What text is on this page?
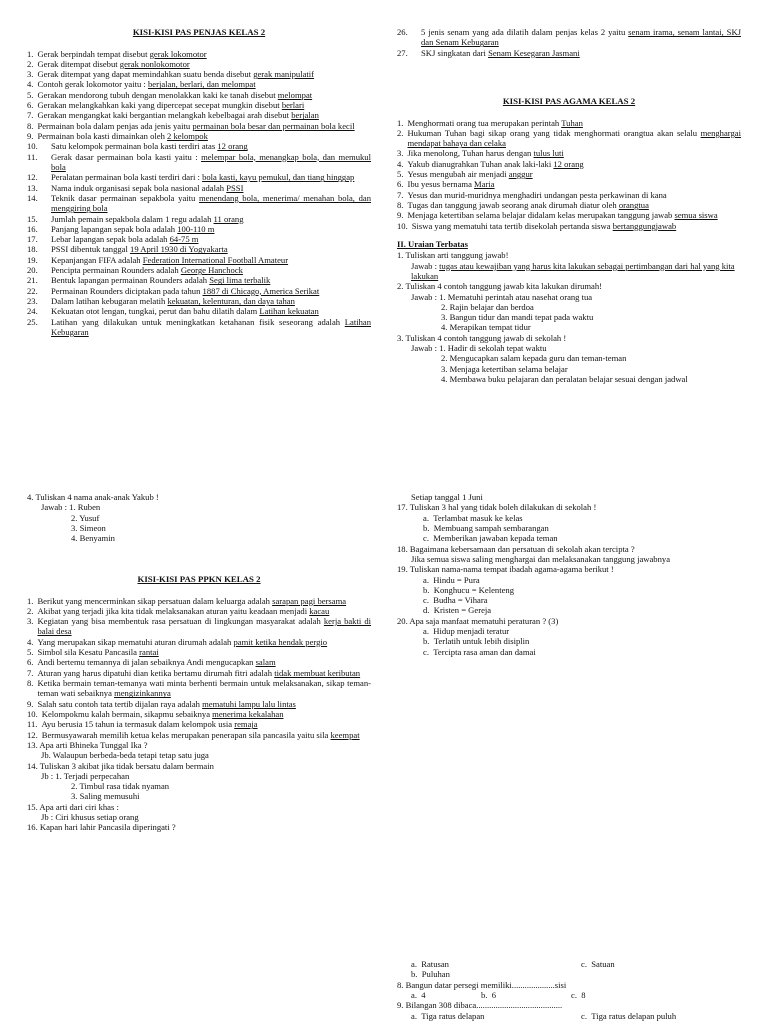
KISI-KISI PAS PENJAS KELAS 2
1. Gerak berpindah tempat disebut gerak lokomotor
2. Gerak ditempat disebut gerak nonlokomotor
3. Gerak ditempat yang dapat memindahkan suatu benda disebut gerak manipulatif
4. Contoh gerak lokomotor yaitu : berjalan, berlari, dan melompat
5. Gerakan mendorong tubuh dengan menolakkan kaki ke tanah disebut melompat
6. Gerakan melangkahkan kaki yang dipercepat secepat mungkin disebut berlari
7. Gerakan mengangkat kaki bergantian melangkah kebelbagai arah disebut berjalan
8. Permainan bola dalam penjas ada jenis yaitu permainan bola besar dan permainan bola kecil
9. Permainan bola kasti dimainkan oleh 2 kelompok
10.	Satu kelompok permainan bola kasti terdiri atas 12 orang
11.	Gerak dasar permainan bola kasti yaitu : melempar bola, menangkap bola, dan memukul bola
12.	Peralatan permainan bola kasti terdiri dari : bola kasti, kayu pemukul, dan tiang hinggap
13.	Nama induk organisasi sepak bola nasional adalah PSSI
14.	Teknik dasar permainan sepakbola yaitu menendang bola, menerima/ menahan bola, dan menggiring bola
15.	Jumlah pemain sepakbola dalam 1 regu adalah 11 orang
16.	Panjang lapangan sepak bola adalah 100-110 m
17.	Lebar lapangan sepak bola adalah 64-75 m
18.	PSSI dibentuk tanggal 19 April 1930 di Yogyakarta
19.	Kepanjangan FIFA adalah Federation International Football Amateur
20.	Pencipta permainan Rounders adalah George Hanchock
21.	Bentuk lapangan permainan Rounders adalah Segi lima terbalik
22.	Permainan Rounders diciptakan pada tahun 1887 di Chicago, America Serikat
23.	Dalam latihan kebugaran melatih kekuatan, kelenturan, dan daya tahan
24.	Kekuatan otot lengan, tungkai, perut dan bahu dilatih dalam Latihan kekuatan
25.	Latihan yang dilakukan untuk meningkatkan ketahanan fisik seseorang adalah Latihan Kebugaran
26.	5 jenis senam yang ada dilatih dalam penjas kelas 2 yaitu senam irama, senam lantai, SKJ dan Senam Kebugaran
27.	SKJ singkatan dari Senam Kesegaran Jasmani
KISI-KISI PAS AGAMA KELAS 2
1. Menghormati orang tua merupakan perintah Tuhan
2. Hukuman Tuhan bagi sikap orang yang tidak menghormati orangtua akan selalu menghargai mendapat bahaya dan celaka
3. Jika menolong, Tuhan harus dengan tulus luti
4. Yakub dianugrahkan Tuhan anak laki-laki 12 orang
5. Yesus mengubah air menjadi anggur
6. Ibu yesus bernama Maria
7. Yesus dan murid-muridnya menghadiri undangan pesta perkawinan di kana
8. Tugas dan tanggung jawab seorang anak dirumah diatur oleh orangtua
9. Menjaga ketertiban selama belajar didalam kelas merupakan tanggung jawab semua siswa
10. Siswa yang mematuhi tata tertib disekolah pertanda siswa bertanggungjawab
II. Uraian Terbatas
1. Tuliskan arti tanggung jawab!
Jawab : tugas atau kewajiban yang harus kita lakukan sebagai pertimbangan dari hal yang kita lakukan
2. Tuliskan 4 contoh tanggung jawab kita lakukan dirumah!
Jawab : 1. Mematuhi perintah atau nasehat orang tua
2. Rajin belajar dan berdoa
3. Bangun tidur dan mandi tepat pada waktu
4. Merapikan tempat tidur
3. Tuliskan 4 contoh tanggung jawab di sekolah !
Jawab : 1. Hadir di sekolah tepat waktu
2. Mengucapkan salam kepada guru dan teman-teman
3. Menjaga ketertiban selama belajar
4. Membawa buku pelajaran dan peralatan belajar sesuai dengan jadwal
4. Tuliskan 4 nama anak-anak Yakub !
Jawab : 1. Ruben
2. Yusuf
3. Simeon
4. Benyamin
KISI-KISI PAS PPKN KELAS 2
1. Berikut yang mencerminkan sikap persatuan dalam keluarga adalah sarapan pagi bersama
2. Akibat yang terjadi jika kita tidak melaksanakan aturan yaitu keadaan menjadi kacau
3. Kegiatan yang bisa membentuk rasa persatuan di lingkungan masyarakat adalah kerja bakti di balai desa
4. Yang merupakan sikap mematuhi aturan dirumah adalah pamit ketika hendak pergio
5. Simbol sila Kesatu Pancasila rantai
6. Andi bertemu temannya di jalan sebaiknya Andi mengucapkan salam
7. Aturan yang harus dipatuhi dian ketika bertamu dirumah fitri adalah tidak membuat keributan
8. Ketika bermain teman-temanya wati minta berhenti bermain untuk melaksanakan, sikap teman-teman wati sebaiknya mengizinkannya
9. Salah satu contoh tata tertib dijalan raya adalah mematuhi lampu lalu lintas
10. Kelompokmu kalah bermain, sikapmu sebaiknya menerima kekalahan
11. Ayu berusia 15 tahun ia termasuk dalam kelompok usia remaja
12. Bermusyawarah memilih ketua kelas merupakan penerapan sila pancasila yaitu sila keempat
13. Apa arti Bhineka Tunggal Ika ?
Jb. Walaupun berbeda-beda tetapi tetap satu juga
14. Tuliskan 3 akibat jika tidak bersatu dalam bermain
Jb : 1. Terjadi perpecahan
2. Timbul rasa tidak nyaman
3. Saling memusuhi
15. Apa arti dari ciri khas :
Jb : Ciri khusus setiap orang
16. Kapan hari lahir Pancasila diperingati ?
Setiap tanggal 1 Juni
17. Tuliskan 3 hal yang tidak boleh dilakukan di sekolah !
a.  Terlambat masuk ke kelas
b.  Membuang sampah sembarangan
c.  Memberikan jawaban kepada teman
18. Bagaimana kebersamaan dan persatuan di sekolah akan tercipta ?
Jika semua siswa saling menghargai dan melaksanakan tanggung jawabnya
19. Tuliskan nama-nama tempat ibadah agama-agama berikut !
a.  Hindu = Pura
b.  Konghucu = Kelenteng
c.  Budha = Vihara
d.  Kristen = Gereja
20. Apa saja manfaat mematuhi peraturan ? (3)
a.  Hidup menjadi teratur
b.  Terlatih untuk lebih disiplin
c.  Tercipta rasa aman dan damai
a.  Ratusan	c.  Satuan
b.  Puluhan
8. Bangun datar persegi memiliki....................sisi
a.  4	b.  6	c.  8
9. Bilangan 308 dibaca........................................
a.  Tiga ratus delapan	c.  Tiga ratus delapan puluh
